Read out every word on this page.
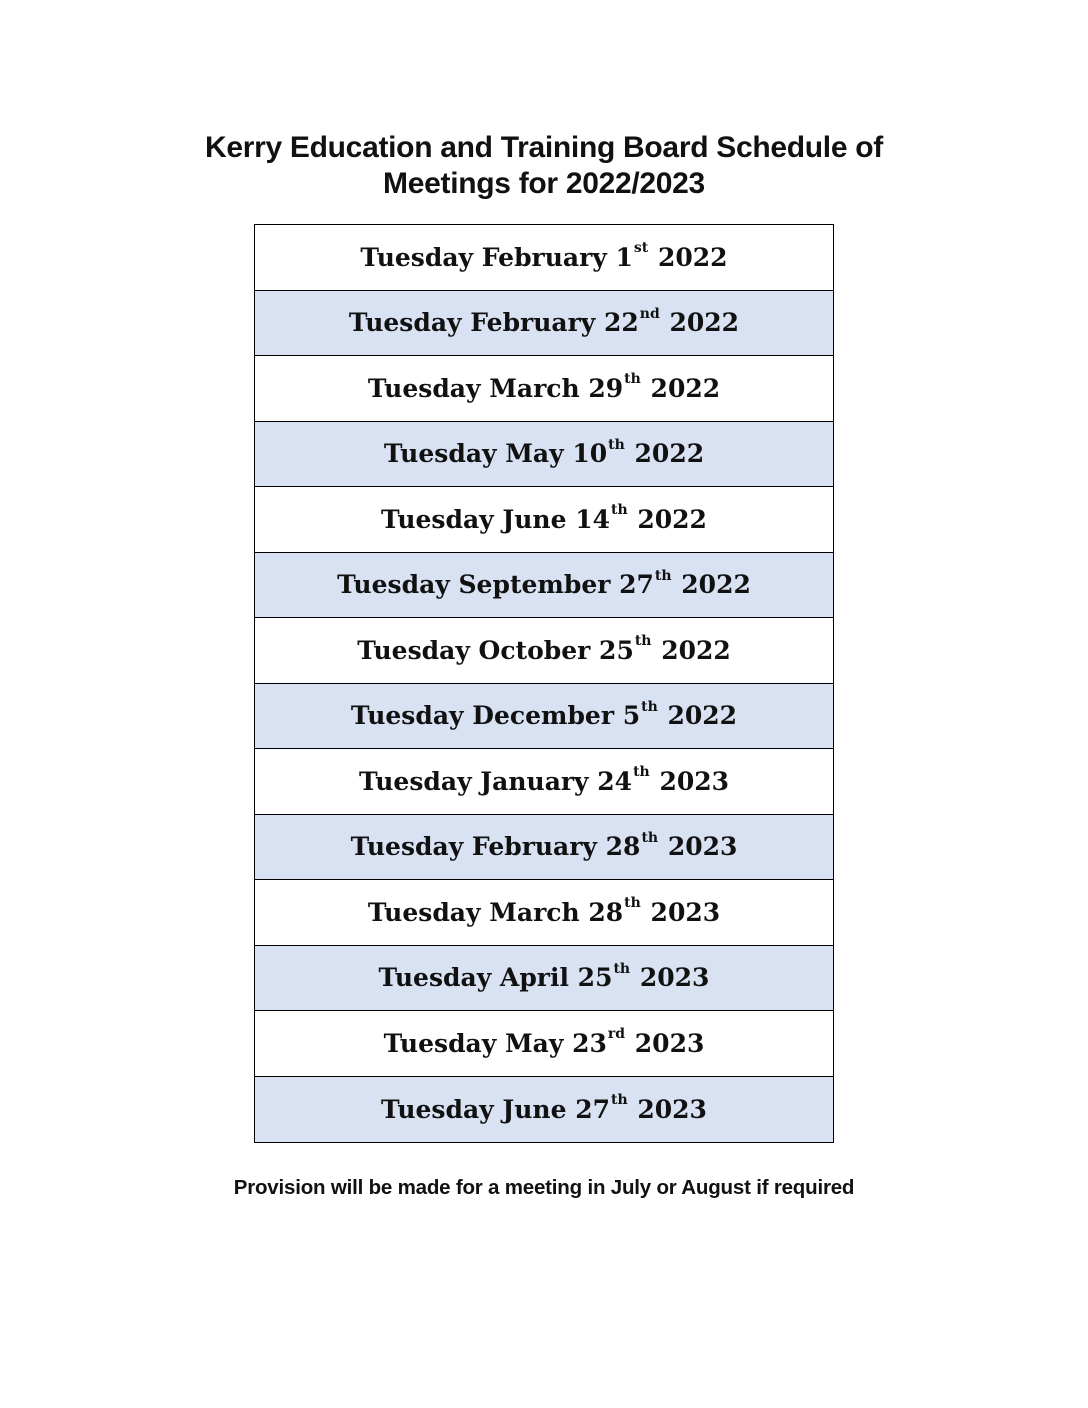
Kerry Education and Training Board Schedule of
Meetings for 2022/2023
Tuesday February 1st 2022
Tuesday February 22nd 2022
Tuesday March 29th 2022
Tuesday May 10th 2022
Tuesday June 14th 2022
Tuesday September 27th 2022
Tuesday October 25th 2022
Tuesday December 5th 2022
Tuesday January 24th 2023
Tuesday February 28th 2023
Tuesday March 28th 2023
Tuesday April 25th 2023
Tuesday May 23rd 2023
Tuesday June 27th 2023

Provision will be made for a meeting in July or August if required
